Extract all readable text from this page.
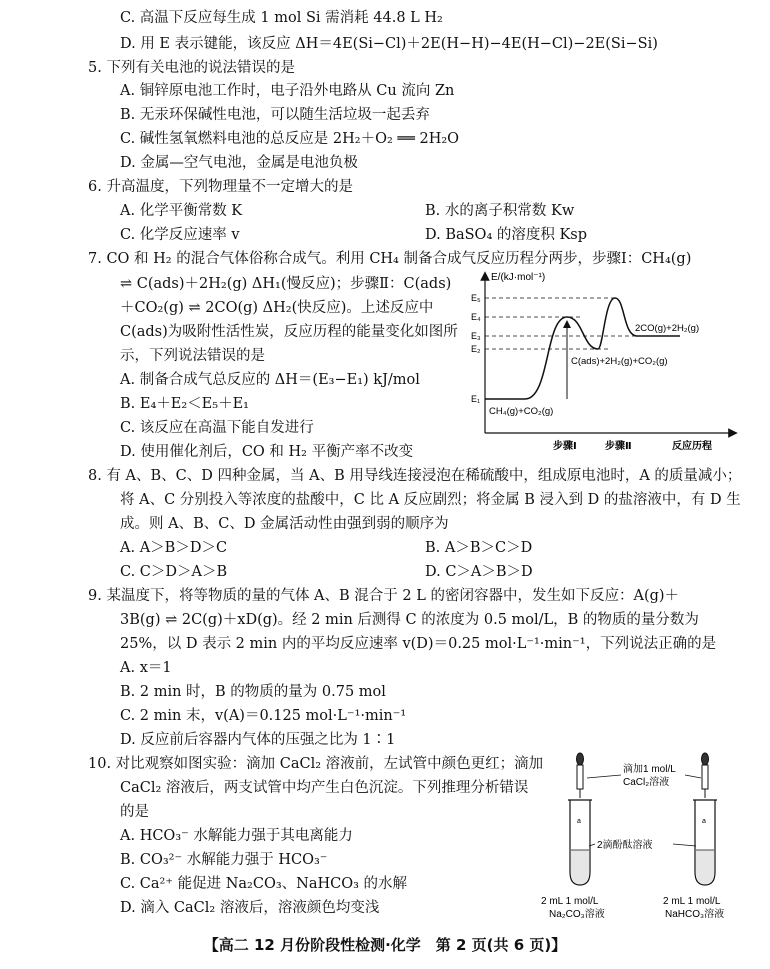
C. 高温下反应每生成 1 mol Si 需消耗 44.8 L H₂
D. 用 E 表示键能，该反应 ΔH＝4E(Si−Cl)＋2E(H−H)−4E(H−Cl)−2E(Si−Si)
5. 下列有关电池的说法错误的是
A. 铜锌原电池工作时，电子沿外电路从 Cu 流向 Zn
B. 无汞环保碱性电池，可以随生活垃圾一起丢弃
C. 碱性氢氧燃料电池的总反应是 2H₂＋O₂ ══ 2H₂O
D. 金属—空气电池，金属是电池负极
6. 升高温度，下列物理量不一定增大的是
A. 化学平衡常数 K	B. 水的离子积常数 Kw
C. 化学反应速率 v	D. BaSO₄ 的溶度积 Ksp
7. CO 和 H₂ 的混合气体俗称合成气。利用 CH₄ 制备合成气反应历程分两步，步骤Ⅰ：CH₄(g)
⇌ C(ads)＋2H₂(g) ΔH₁(慢反应)；步骤Ⅱ：C(ads)
＋CO₂(g) ⇌ 2CO(g) ΔH₂(快反应)。上述反应中
C(ads)为吸附性活性炭，反应历程的能量变化如图所
示，下列说法错误的是
A. 制备合成气总反应的 ΔH＝(E₃−E₁) kJ/mol
B. E₄＋E₂＜E₅＋E₁
C. 该反应在高温下能自发进行
D. 使用催化剂后，CO 和 H₂ 平衡产率不改变
E/(kJ·mol⁻¹)
E₅
E₄
E₃
E₂
E₁
2CO(g)+2H₂(g)
C(ads)+2H₂(g)+CO₂(g)
CH₄(g)+CO₂(g)
步骤Ⅰ	步骤Ⅱ	反应历程
8. 有 A、B、C、D 四种金属，当 A、B 用导线连接浸泡在稀硫酸中，组成原电池时，A 的质量减小；
将 A、C 分别投入等浓度的盐酸中，C 比 A 反应剧烈；将金属 B 浸入到 D 的盐溶液中，有 D 生
成。则 A、B、C、D 金属活动性由强到弱的顺序为
A. A＞B＞D＞C	B. A＞B＞C＞D
C. C＞D＞A＞B	D. C＞A＞B＞D
9. 某温度下，将等物质的量的气体 A、B 混合于 2 L 的密闭容器中，发生如下反应：A(g)＋
3B(g) ⇌ 2C(g)＋xD(g)。经 2 min 后测得 C 的浓度为 0.5 mol/L，B 的物质的量分数为
25%，以 D 表示 2 min 内的平均反应速率 v(D)＝0.25 mol·L⁻¹·min⁻¹，下列说法正确的是
A. x＝1
B. 2 min 时，B 的物质的量为 0.75 mol
C. 2 min 末，v(A)＝0.125 mol·L⁻¹·min⁻¹
D. 反应前后容器内气体的压强之比为 1∶1
10. 对比观察如图实验：滴加 CaCl₂ 溶液前，左试管中颜色更红；滴加
CaCl₂ 溶液后，两支试管中均产生白色沉淀。下列推理分析错误
的是
A. HCO₃⁻ 水解能力强于其电离能力
B. CO₃²⁻ 水解能力强于 HCO₃⁻
C. Ca²⁺ 能促进 Na₂CO₃、NaHCO₃ 的水解
D. 滴入 CaCl₂ 溶液后，溶液颜色均变浅
滴加1 mol/L
CaCl₂溶液
a	a
2滴酚酞溶液
2 mL 1 mol/L
Na₂CO₃溶液
2 mL 1 mol/L
NaHCO₃溶液
【高二 12 月份阶段性检测·化学　第 2 页(共 6 页)】
